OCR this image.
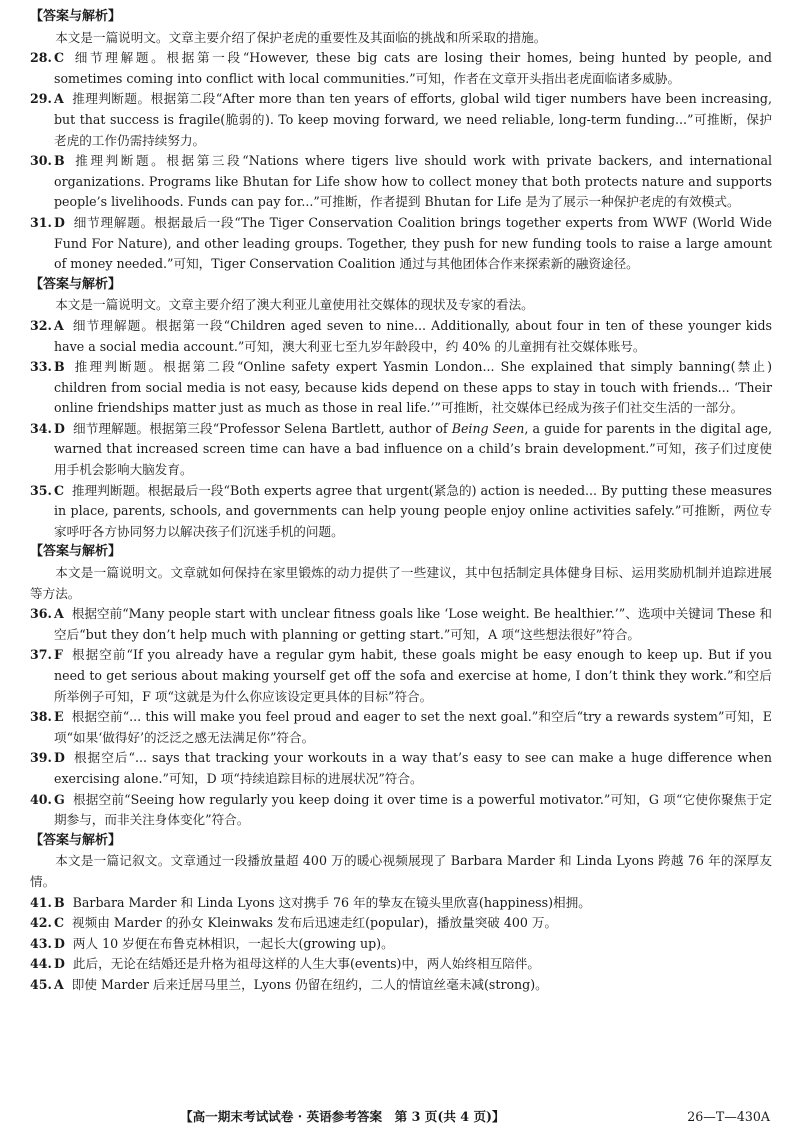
【答案与解析】

本文是一篇说明文。文章主要介绍了保护老虎的重要性及其面临的挑战和所采取的措施。

28. C 细节理解题。根据第一段“However, these big cats are losing their homes, being hunted by people, and sometimes coming into conflict with local communities.”可知，作者在文章开头指出老虎面临诸多威胁。

29. A 推理判断题。根据第二段“After more than ten years of efforts, global wild tiger numbers have been increasing, but that success is fragile(脆弱的). To keep moving forward, we need reliable, long-term funding...”可推断，保护老虎的工作仍需持续努力。

30. B 推理判断题。根据第三段“Nations where tigers live should work with private backers, and international organizations. Programs like Bhutan for Life show how to collect money that both protects nature and supports people’s livelihoods. Funds can pay for...”可推断，作者提到 Bhutan for Life 是为了展示一种保护老虎的有效模式。

31. D 细节理解题。根据最后一段“The Tiger Conservation Coalition brings together experts from WWF (World Wide Fund For Nature), and other leading groups. Together, they push for new funding tools to raise a large amount of money needed.”可知，Tiger Conservation Coalition 通过与其他团体合作来探索新的融资途径。

【答案与解析】

本文是一篇说明文。文章主要介绍了澳大利亚儿童使用社交媒体的现状及专家的看法。

32. A 细节理解题。根据第一段“Children aged seven to nine... Additionally, about four in ten of these younger kids have a social media account.”可知，澳大利亚七至九岁年龄段中，约 40% 的儿童拥有社交媒体账号。

33. B 推理判断题。根据第二段“Online safety expert Yasmin London... She explained that simply banning(禁止) children from social media is not easy, because kids depend on these apps to stay in touch with friends... ‘Their online friendships matter just as much as those in real life.’”可推断，社交媒体已经成为孩子们社交生活的一部分。

34. D 细节理解题。根据第三段“Professor Selena Bartlett, author of Being Seen, a guide for parents in the digital age, warned that increased screen time can have a bad influence on a child’s brain development.”可知，孩子们过度使用手机会影响大脑发育。

35. C 推理判断题。根据最后一段“Both experts agree that urgent(紧急的) action is needed... By putting these measures in place, parents, schools, and governments can help young people enjoy online activities safely.”可推断，两位专家呼吁各方协同努力以解决孩子们沉迷手机的问题。

【答案与解析】

本文是一篇说明文。文章就如何保持在家里锻炼的动力提供了一些建议，其中包括制定具体健身目标、运用奖励机制并追踪进展等方法。

36. A 根据空前“Many people start with unclear fitness goals like ‘Lose weight. Be healthier.’”、选项中关键词 These 和空后“but they don’t help much with planning or getting start.”可知，A 项“这些想法很好”符合。

37. F 根据空前“If you already have a regular gym habit, these goals might be easy enough to keep up. But if you need to get serious about making yourself get off the sofa and exercise at home, I don’t think they work.”和空后所举例子可知，F 项“这就是为什么你应该设定更具体的目标”符合。

38. E 根据空前“... this will make you feel proud and eager to set the next goal.”和空后“try a rewards system”可知，E 项“如果‘做得好’的泛泛之感无法满足你”符合。

39. D 根据空后“... says that tracking your workouts in a way that’s easy to see can make a huge difference when exercising alone.”可知，D 项“持续追踪目标的进展状况”符合。

40. G 根据空前“Seeing how regularly you keep doing it over time is a powerful motivator.”可知，G 项“它使你聚焦于定期参与，而非关注身体变化”符合。

【答案与解析】

本文是一篇记叙文。文章通过一段播放量超 400 万的暖心视频展现了 Barbara Marder 和 Linda Lyons 跨越 76 年的深厚友情。

41. B Barbara Marder 和 Linda Lyons 这对携手 76 年的挚友在镜头里欣喜(happiness)相拥。

42. C 视频由 Marder 的孙女 Kleinwaks 发布后迅速走红(popular)，播放量突破 400 万。

43. D 两人 10 岁便在布鲁克林相识，一起长大(growing up)。

44. D 此后，无论在结婚还是升格为祖母这样的人生大事(events)中，两人始终相互陪伴。

45. A 即使 Marder 后来迁居马里兰，Lyons 仍留在纽约，二人的情谊丝毫未减(strong)。

【高一期末考试试卷 · 英语参考答案　第 3 页(共 4 页)】	26—T—430A
